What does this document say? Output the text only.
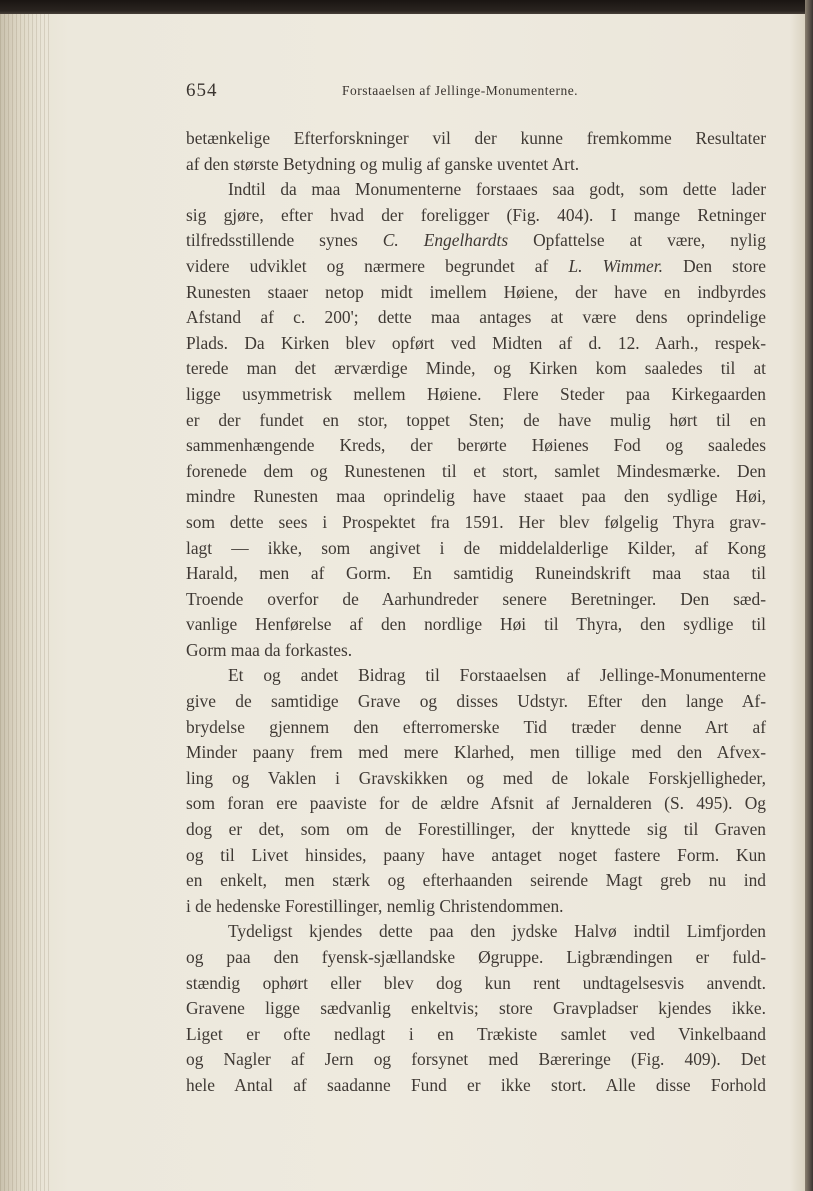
654	Forstaaelsen af Jellinge-Monumenterne.
betænkelige Efterforskninger vil der kunne fremkomme Resultater
af den største Betydning og mulig af ganske uventet Art.
Indtil da maa Monumenterne forstaaes saa godt, som dette lader
sig gjøre, efter hvad der foreligger (Fig. 404). I mange Retninger
tilfredsstillende synes C. Engelhardts Opfattelse at være, nylig
videre udviklet og nærmere begrundet af L. Wimmer. Den store
Runesten staaer netop midt imellem Høiene, der have en indbyrdes
Afstand af c. 200'; dette maa antages at være dens oprindelige
Plads. Da Kirken blev opført ved Midten af d. 12. Aarh., respek-
terede man det ærværdige Minde, og Kirken kom saaledes til at
ligge usymmetrisk mellem Høiene. Flere Steder paa Kirkegaarden
er der fundet en stor, toppet Sten; de have mulig hørt til en
sammenhængende Kreds, der berørte Høienes Fod og saaledes
forenede dem og Runestenen til et stort, samlet Mindesmærke. Den
mindre Runesten maa oprindelig have staaet paa den sydlige Høi,
som dette sees i Prospektet fra 1591. Her blev følgelig Thyra grav-
lagt — ikke, som angivet i de middelalderlige Kilder, af Kong
Harald, men af Gorm. En samtidig Runeindskrift maa staa til
Troende overfor de Aarhundreder senere Beretninger. Den sæd-
vanlige Henførelse af den nordlige Høi til Thyra, den sydlige til
Gorm maa da forkastes.
Et og andet Bidrag til Forstaaelsen af Jellinge-Monumenterne
give de samtidige Grave og disses Udstyr. Efter den lange Af-
brydelse gjennem den efterromerske Tid træder denne Art af
Minder paany frem med mere Klarhed, men tillige med den Afvex-
ling og Vaklen i Gravskikken og med de lokale Forskjelligheder,
som foran ere paaviste for de ældre Afsnit af Jernalderen (S. 495). Og
dog er det, som om de Forestillinger, der knyttede sig til Graven
og til Livet hinsides, paany have antaget noget fastere Form. Kun
en enkelt, men stærk og efterhaanden seirende Magt greb nu ind
i de hedenske Forestillinger, nemlig Christendommen.
Tydeligst kjendes dette paa den jydske Halvø indtil Limfjorden
og paa den fyensk-sjællandske Øgruppe. Ligbrændingen er fuld-
stændig ophørt eller blev dog kun rent undtagelsesvis anvendt.
Gravene ligge sædvanlig enkeltvis; store Gravpladser kjendes ikke.
Liget er ofte nedlagt i en Trækiste samlet ved Vinkelbaand
og Nagler af Jern og forsynet med Bæreringe (Fig. 409). Det
hele Antal af saadanne Fund er ikke stort. Alle disse Forhold
